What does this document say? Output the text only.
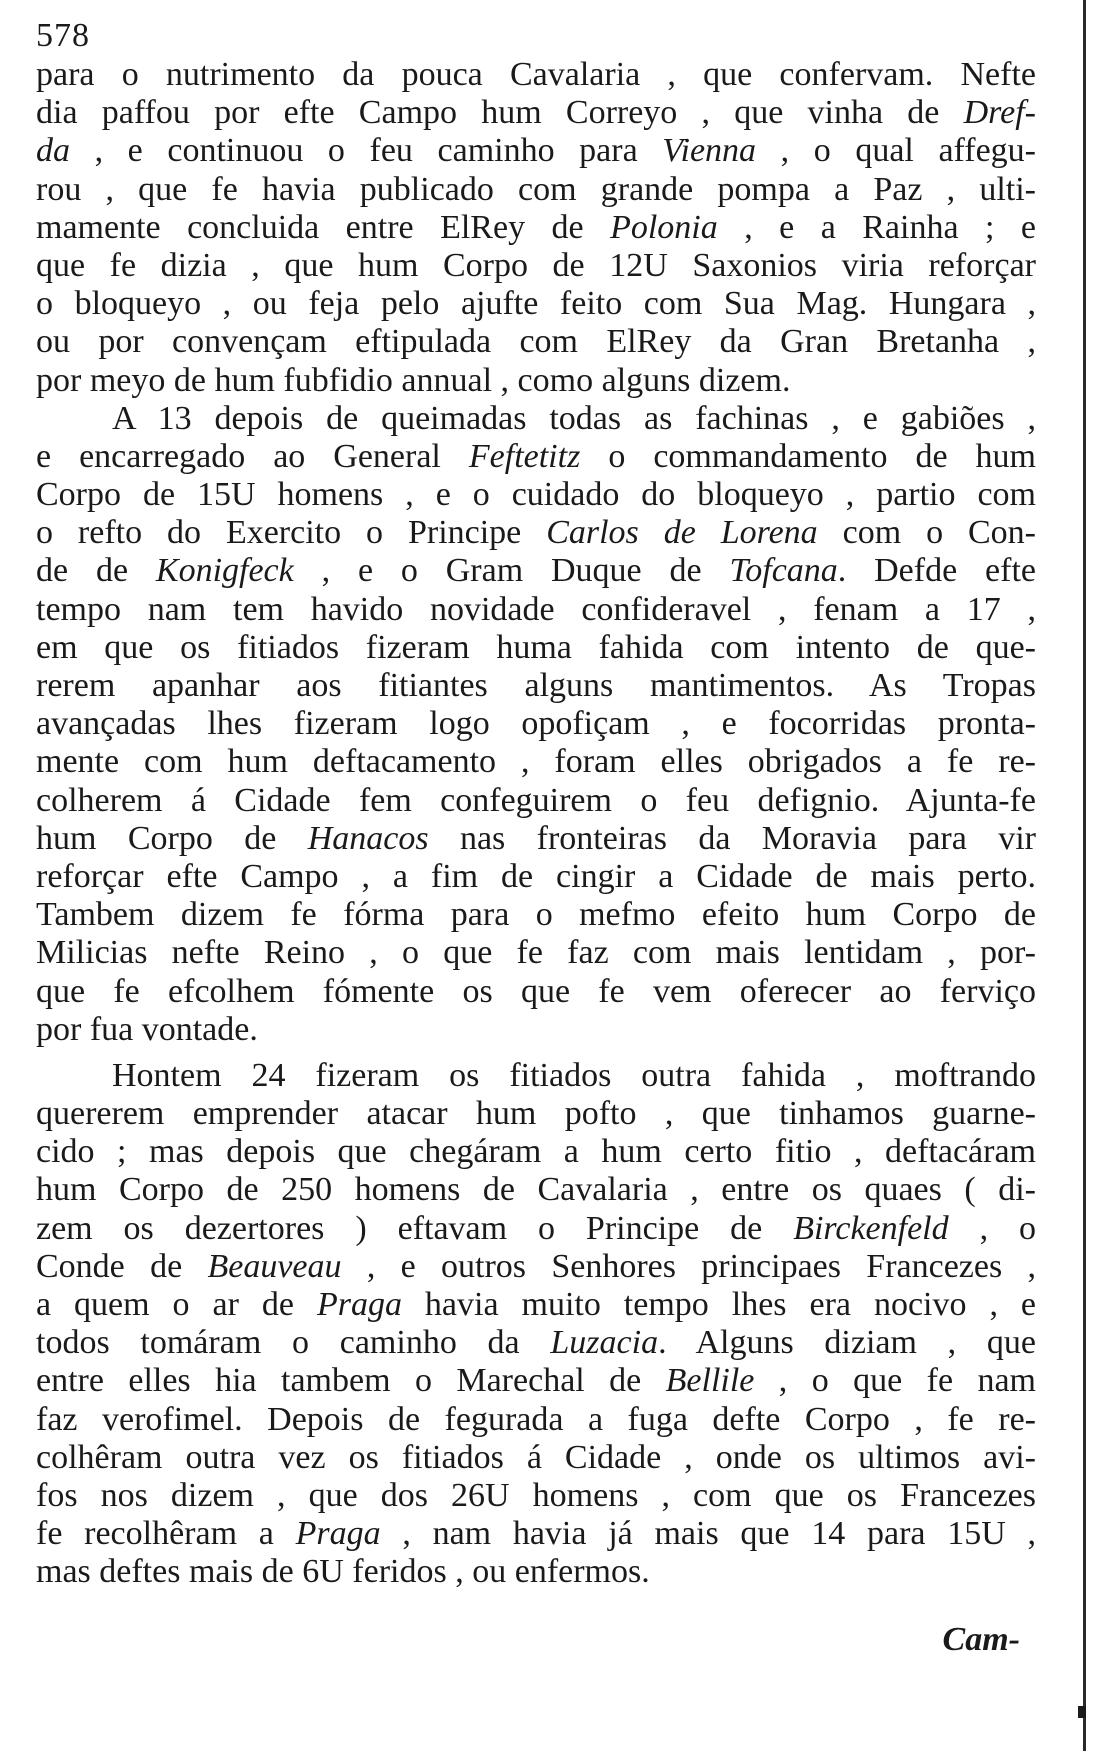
578
para o nutrimento da pouca Cavalaria , que confervam. Nefte
dia paffou por efte Campo hum Correyo , que vinha de Dref-
da , e continuou o feu caminho para Vienna , o qual affegu-
rou , que fe havia publicado com grande pompa a Paz , ulti-
mamente concluida entre ElRey de Polonia , e a Rainha ; e
que fe dizia , que hum Corpo de 12U Saxonios viria reforçar
o bloqueyo , ou feja pelo ajufte feito com Sua Mag. Hungara ,
ou por convençam eftipulada com ElRey da Gran Bretanha ,
por meyo de hum fubfidio annual , como alguns dizem.
A 13 depois de queimadas todas as fachinas , e gabiões ,
e encarregado ao General Feftetitz o commandamento de hum
Corpo de 15U homens , e o cuidado do bloqueyo , partio com
o refto do Exercito o Principe Carlos de Lorena com o Con-
de de Konigfeck , e o Gram Duque de Tofcana. Defde efte
tempo nam tem havido novidade confideravel , fenam a 17 ,
em que os fitiados fizeram huma fahida com intento de que-
rerem apanhar aos fitiantes alguns mantimentos. As Tropas
avançadas lhes fizeram logo opofiçam , e focorridas pronta-
mente com hum deftacamento , foram elles obrigados a fe re-
colherem á Cidade fem confeguirem o feu defignio. Ajunta-fe
hum Corpo de Hanacos nas fronteiras da Moravia para vir
reforçar efte Campo , a fim de cingir a Cidade de mais perto.
Tambem dizem fe fórma para o mefmo efeito hum Corpo de
Milicias nefte Reino , o que fe faz com mais lentidam , por-
que fe efcolhem fómente os que fe vem oferecer ao ferviço
por fua vontade.
Hontem 24 fizeram os fitiados outra fahida , moftrando
quererem emprender atacar hum pofto , que tinhamos guarne-
cido ; mas depois que chegáram a hum certo fitio , deftacáram
hum Corpo de 250 homens de Cavalaria , entre os quaes ( di-
zem os dezertores ) eftavam o Principe de Birckenfeld , o
Conde de Beauveau , e outros Senhores principaes Francezes ,
a quem o ar de Praga havia muito tempo lhes era nocivo , e
todos tomáram o caminho da Luzacia. Alguns diziam , que
entre elles hia tambem o Marechal de Bellile , o que fe nam
faz verofimel. Depois de fegurada a fuga defte Corpo , fe re-
colhêram outra vez os fitiados á Cidade , onde os ultimos avi-
fos nos dizem , que dos 26U homens , com que os Francezes
fe recolhêram a Praga , nam havia já mais que 14 para 15U ,
mas deftes mais de 6U feridos , ou enfermos.
Cam-
